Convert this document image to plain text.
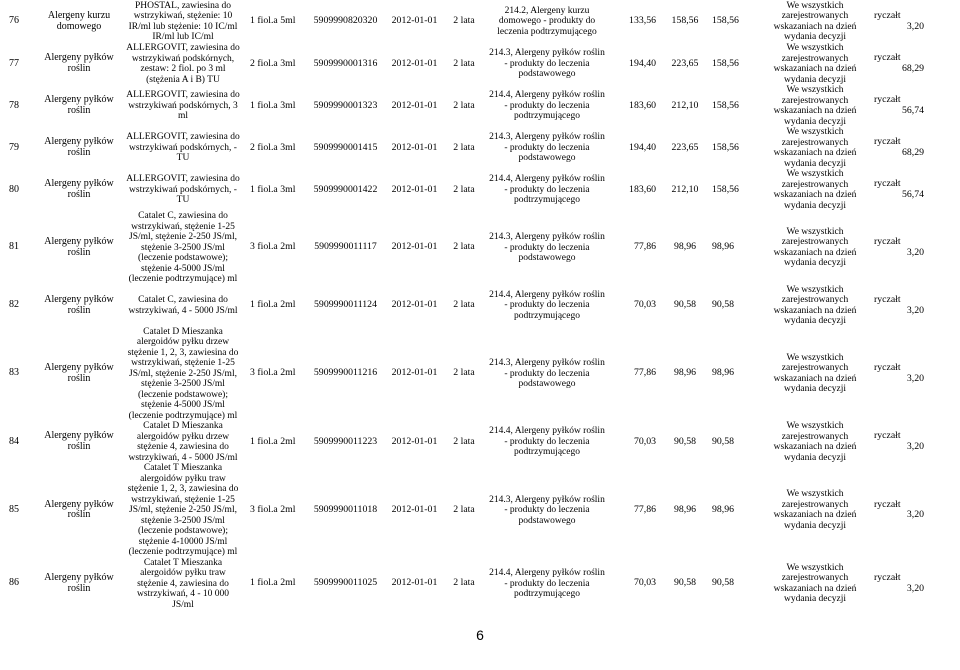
76	Alergeny kurzu domowego	PHOSTAL, zawiesina do wstrzykiwań, stężenie: 10 IR/ml lub stężenie: 10 IC/ml IR/ml lub IC/ml	1 fiol.a 5ml	5909990820320	2012-01-01	2 lata	214.2, Alergeny kurzu domowego - produkty do leczenia podtrzymującego	133,56	158,56	158,56	We wszystkich zarejestrowanych wskazaniach na dzień wydania decyzji	ryczałt3,20
77	Alergeny pyłków roślin	ALLERGOVIT, zawiesina do wstrzykiwań podskórnych, zestaw: 2 fiol. po 3 ml (stężenia A i B) TU	2 fiol.a 3ml	5909990001316	2012-01-01	2 lata	214.3, Alergeny pyłków roślin - produkty do leczenia podstawowego	194,40	223,65	158,56	We wszystkich zarejestrowanych wskazaniach na dzień wydania decyzji	ryczałt68,29
78	Alergeny pyłków roślin	ALLERGOVIT, zawiesina do wstrzykiwań podskórnych, 3 ml	1 fiol.a 3ml	5909990001323	2012-01-01	2 lata	214.4, Alergeny pyłków roślin - produkty do leczenia podtrzymującego	183,60	212,10	158,56	We wszystkich zarejestrowanych wskazaniach na dzień wydania decyzji	ryczałt56,74
79	Alergeny pyłków roślin	ALLERGOVIT, zawiesina do wstrzykiwań podskórnych, - TU	2 fiol.a 3ml	5909990001415	2012-01-01	2 lata	214.3, Alergeny pyłków roślin - produkty do leczenia podstawowego	194,40	223,65	158,56	We wszystkich zarejestrowanych wskazaniach na dzień wydania decyzji	ryczałt68,29
80	Alergeny pyłków roślin	ALLERGOVIT, zawiesina do wstrzykiwań podskórnych, - TU	1 fiol.a 3ml	5909990001422	2012-01-01	2 lata	214.4, Alergeny pyłków roślin - produkty do leczenia podtrzymującego	183,60	212,10	158,56	We wszystkich zarejestrowanych wskazaniach na dzień wydania decyzji	ryczałt56,74
81	Alergeny pyłków roślin	Catalet C, zawiesina do wstrzykiwań, stężenie 1-25 JS/ml, stężenie 2-250 JS/ml, stężenie 3-2500 JS/ml (leczenie podstawowe); stężenie 4-5000 JS/ml (leczenie podtrzymujące) ml	3 fiol.a 2ml	5909990011117	2012-01-01	2 lata	214.3, Alergeny pyłków roślin - produkty do leczenia podstawowego	77,86	98,96	98,96	We wszystkich zarejestrowanych wskazaniach na dzień wydania decyzji	ryczałt3,20
82	Alergeny pyłków roślin	Catalet C, zawiesina do wstrzykiwań, 4 - 5000 JS/ml	1 fiol.a 2ml	5909990011124	2012-01-01	2 lata	214.4, Alergeny pyłków roślin - produkty do leczenia podtrzymującego	70,03	90,58	90,58	We wszystkich zarejestrowanych wskazaniach na dzień wydania decyzji	ryczałt3,20
83	Alergeny pyłków roślin	Catalet D Mieszanka alergoidów pyłku drzew stężenie 1, 2, 3, zawiesina do wstrzykiwań, stężenie 1-25 JS/ml, stężenie 2-250 JS/ml, stężenie 3-2500 JS/ml (leczenie podstawowe); stężenie 4-5000 JS/ml (leczenie podtrzymujące) ml	3 fiol.a 2ml	5909990011216	2012-01-01	2 lata	214.3, Alergeny pyłków roślin - produkty do leczenia podstawowego	77,86	98,96	98,96	We wszystkich zarejestrowanych wskazaniach na dzień wydania decyzji	ryczałt3,20
84	Alergeny pyłków roślin	Catalet D Mieszanka alergoidów pyłku drzew stężenie 4, zawiesina do wstrzykiwań, 4 - 5000 JS/ml	1 fiol.a 2ml	5909990011223	2012-01-01	2 lata	214.4, Alergeny pyłków roślin - produkty do leczenia podtrzymującego	70,03	90,58	90,58	We wszystkich zarejestrowanych wskazaniach na dzień wydania decyzji	ryczałt3,20
85	Alergeny pyłków roślin	Catalet T Mieszanka alergoidów pyłku traw stężenie 1, 2, 3, zawiesina do wstrzykiwań, stężenie 1-25 JS/ml, stężenie 2-250 JS/ml, stężenie 3-2500 JS/ml (leczenie podstawowe); stężenie 4-10000 JS/ml (leczenie podtrzymujące) ml	3 fiol.a 2ml	5909990011018	2012-01-01	2 lata	214.3, Alergeny pyłków roślin - produkty do leczenia podstawowego	77,86	98,96	98,96	We wszystkich zarejestrowanych wskazaniach na dzień wydania decyzji	ryczałt3,20
86	Alergeny pyłków roślin	Catalet T Mieszanka alergoidów pyłku traw stężenie 4, zawiesina do wstrzykiwań, 4 - 10 000 JS/ml	1 fiol.a 2ml	5909990011025	2012-01-01	2 lata	214.4, Alergeny pyłków roślin - produkty do leczenia podtrzymującego	70,03	90,58	90,58	We wszystkich zarejestrowanych wskazaniach na dzień wydania decyzji	ryczałt3,20
6
